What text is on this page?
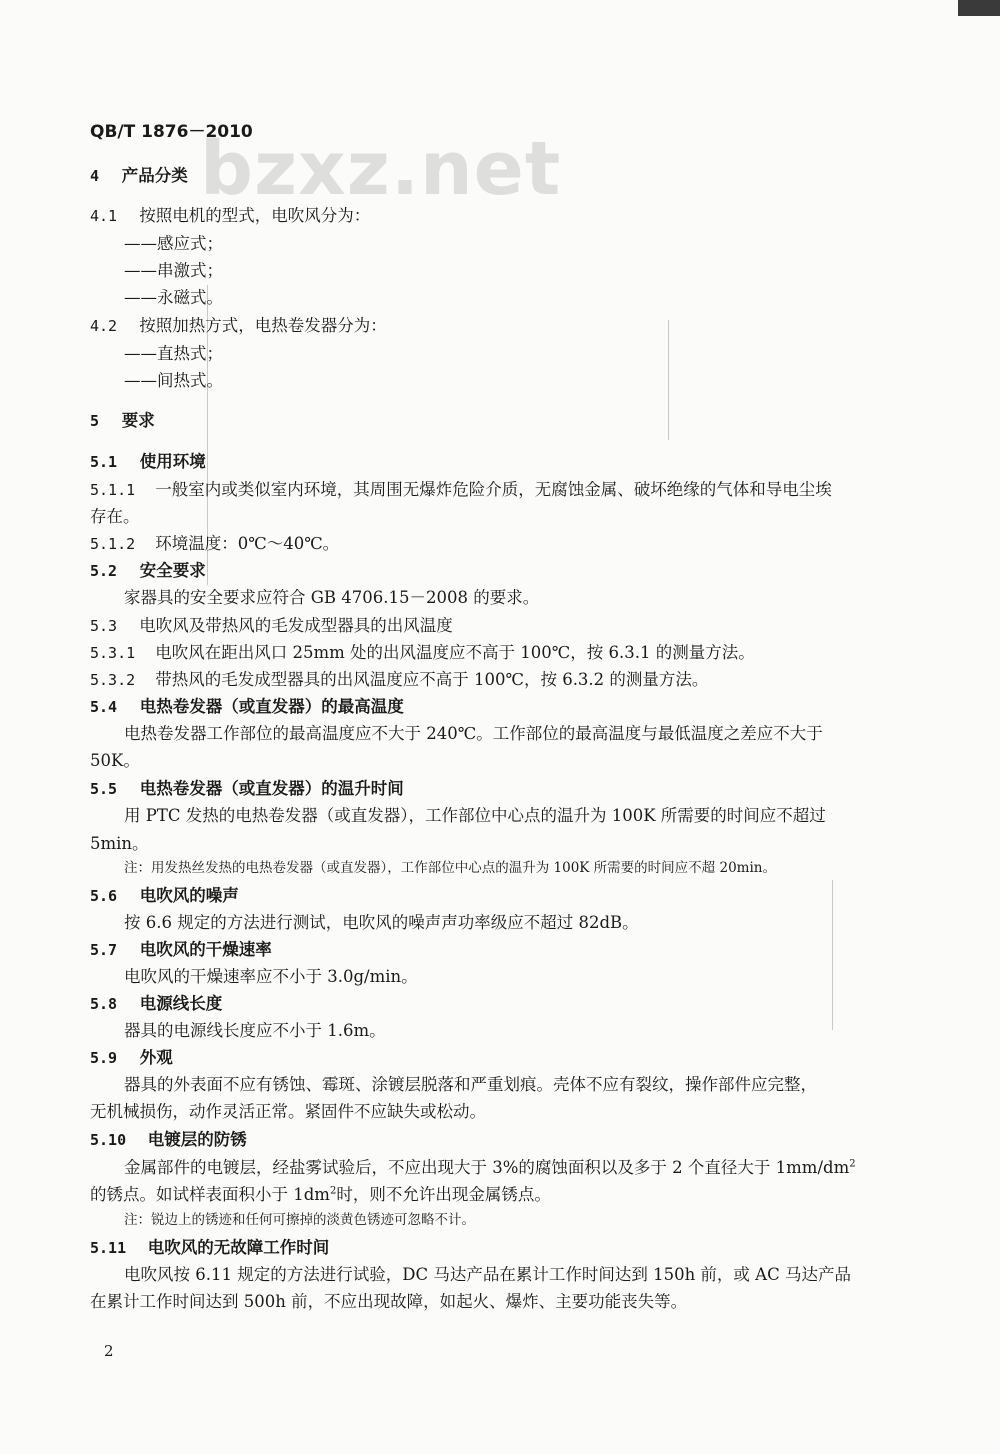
bzxz.net
QB/T 1876－2010
4 产品分类
4.1 按照电机的型式，电吹风分为：
——感应式；
——串激式；
——永磁式。
4.2 按照加热方式，电热卷发器分为：
——直热式；
——间热式。
5 要求
5.1 使用环境
5.1.1 一般室内或类似室内环境，其周围无爆炸危险介质，无腐蚀金属、破坏绝缘的气体和导电尘埃
存在。
5.1.2 环境温度：0℃～40℃。
5.2 安全要求
家器具的安全要求应符合 GB 4706.15－2008 的要求。
5.3 电吹风及带热风的毛发成型器具的出风温度
5.3.1 电吹风在距出风口 25mm 处的出风温度应不高于 100℃，按 6.3.1 的测量方法。
5.3.2 带热风的毛发成型器具的出风温度应不高于 100℃，按 6.3.2 的测量方法。
5.4 电热卷发器（或直发器）的最高温度
电热卷发器工作部位的最高温度应不大于 240℃。工作部位的最高温度与最低温度之差应不大于
50K。
5.5 电热卷发器（或直发器）的温升时间
用 PTC 发热的电热卷发器（或直发器），工作部位中心点的温升为 100K 所需要的时间应不超过
5min。
注：用发热丝发热的电热卷发器（或直发器），工作部位中心点的温升为 100K 所需要的时间应不超 20min。
5.6 电吹风的噪声
按 6.6 规定的方法进行测试，电吹风的噪声声功率级应不超过 82dB。
5.7 电吹风的干燥速率
电吹风的干燥速率应不小于 3.0g/min。
5.8 电源线长度
器具的电源线长度应不小于 1.6m。
5.9 外观
器具的外表面不应有锈蚀、霉斑、涂镀层脱落和严重划痕。壳体不应有裂纹，操作部件应完整，
无机械损伤，动作灵活正常。紧固件不应缺失或松动。
5.10 电镀层的防锈
金属部件的电镀层，经盐雾试验后，不应出现大于 3%的腐蚀面积以及多于 2 个直径大于 $1mm/dm^2$
的锈点。如试样表面积小于 $1dm^2$时，则不允许出现金属锈点。
注：锐边上的锈迹和任何可擦掉的淡黄色锈迹可忽略不计。
5.11 电吹风的无故障工作时间
电吹风按 6.11 规定的方法进行试验，DC 马达产品在累计工作时间达到 150h 前，或 AC 马达产品
在累计工作时间达到 500h 前，不应出现故障，如起火、爆炸、主要功能丧失等。
2
